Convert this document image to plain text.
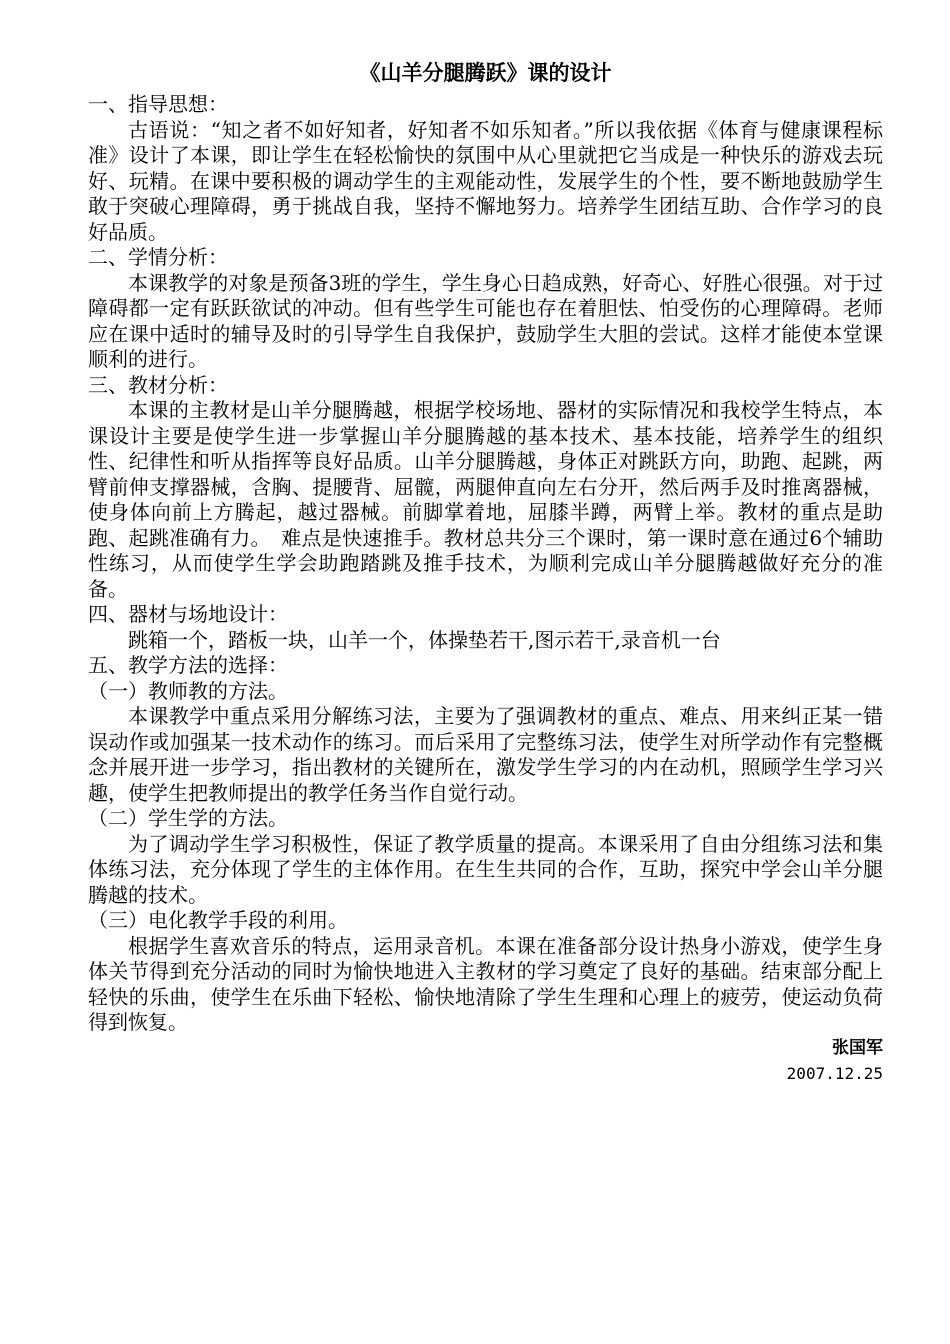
《山羊分腿腾跃》课的设计

一、指导思想：

古语说：“知之者不如好知者，好知者不如乐知者。”所以我依据《体育与健康课程标准》设计了本课，即让学生在轻松愉快的氛围中从心里就把它当成是一种快乐的游戏去玩好、玩精。在课中要积极的调动学生的主观能动性，发展学生的个性，要不断地鼓励学生敢于突破心理障碍，勇于挑战自我，坚持不懈地努力。培养学生团结互助、合作学习的良好品质。

二、学情分析：

本课教学的对象是预备3班的学生，学生身心日趋成熟，好奇心、好胜心很强。对于过障碍都一定有跃跃欲试的冲动。但有些学生可能也存在着胆怯、怕受伤的心理障碍。老师应在课中适时的辅导及时的引导学生自我保护，鼓励学生大胆的尝试。这样才能使本堂课顺利的进行。

三、教材分析：

本课的主教材是山羊分腿腾越，根据学校场地、器材的实际情况和我校学生特点，本课设计主要是使学生进一步掌握山羊分腿腾越的基本技术、基本技能，培养学生的组织性、纪律性和听从指挥等良好品质。山羊分腿腾越，身体正对跳跃方向，助跑、起跳，两臂前伸支撑器械，含胸、提腰背、屈髋，两腿伸直向左右分开，然后两手及时推离器械，使身体向前上方腾起，越过器械。前脚掌着地，屈膝半蹲，两臂上举。教材的重点是助跑、起跳准确有力。　难点是快速推手。教材总共分三个课时，第一课时意在通过6个辅助性练习，从而使学生学会助跑踏跳及推手技术，为顺利完成山羊分腿腾越做好充分的准备。

四、器材与场地设计：

跳箱一个，踏板一块，山羊一个，体操垫若干,图示若干,录音机一台

五、教学方法的选择：

（一）教师教的方法。

本课教学中重点采用分解练习法，主要为了强调教材的重点、难点、用来纠正某一错误动作或加强某一技术动作的练习。而后采用了完整练习法，使学生对所学动作有完整概念并展开进一步学习，指出教材的关键所在，激发学生学习的内在动机，照顾学生学习兴趣，使学生把教师提出的教学任务当作自觉行动。

（二）学生学的方法。

为了调动学生学习积极性，保证了教学质量的提高。本课采用了自由分组练习法和集体练习法，充分体现了学生的主体作用。在生生共同的合作，互助，探究中学会山羊分腿腾越的技术。

（三）电化教学手段的利用。

根据学生喜欢音乐的特点，运用录音机。本课在准备部分设计热身小游戏，使学生身体关节得到充分活动的同时为愉快地进入主教材的学习奠定了良好的基础。结束部分配上轻快的乐曲，使学生在乐曲下轻松、愉快地清除了学生生理和心理上的疲劳，使运动负荷得到恢复。

张国军

2007.12.25
